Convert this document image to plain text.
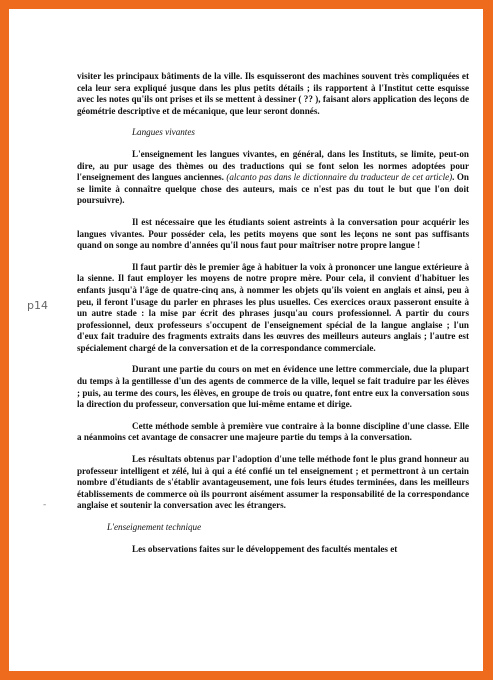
p14
-

visiter les principaux bâtiments de la ville. Ils esquisseront des machines souvent très compliquées et cela leur sera expliqué jusque dans les plus petits détails ; ils rapportent à l'Institut cette esquisse avec les notes qu'ils ont prises et ils se mettent à dessiner ( ?? ), faisant alors application des leçons de géométrie descriptive et de mécanique, que leur seront donnés.

Langues vivantes

L'enseignement les langues vivantes, en général, dans les Instituts, se limite, peut-on dire, au pur usage des thèmes ou des traductions qui se font selon les normes adoptées pour l'enseignement des langues anciennes. (alcanto pas dans le dictionnaire du traducteur de cet article). On se limite à connaître quelque chose des auteurs, mais ce n'est pas du tout le but que l'on doit poursuivre).

Il est nécessaire que les étudiants soient astreints à la conversation pour acquérir les langues vivantes. Pour posséder cela, les petits moyens que sont les leçons ne sont pas suffisants quand on songe au nombre d'années qu'il nous faut pour maîtriser notre propre langue !

Il faut partir dès le premier âge à habituer la voix à prononcer une langue extérieure à la sienne. Il faut employer les moyens de notre propre mère. Pour cela, il convient d'habituer les enfants jusqu'à l'âge de quatre-cinq ans, à nommer les objets qu'ils voient en anglais et ainsi, peu à peu, il feront l'usage du parler en phrases les plus usuelles. Ces exercices oraux passeront ensuite à un autre stade : la mise par écrit des phrases jusqu'au cours professionnel. A partir du cours professionnel, deux professeurs s'occupent de l'enseignement spécial de la langue anglaise ; l'un d'eux fait traduire des fragments extraits dans les œuvres des meilleurs auteurs anglais ; l'autre est spécialement chargé de la conversation et de la correspondance commerciale.

Durant une partie du cours on met en évidence une lettre commerciale, due la plupart du temps à la gentillesse d'un des agents de commerce de la ville, lequel se fait traduire par les élèves ; puis, au terme des cours, les élèves, en groupe de trois ou quatre, font entre eux la conversation sous la direction du professeur, conversation que lui-même entame et dirige.

Cette méthode semble à première vue contraire à la bonne discipline d'une classe. Elle a néanmoins cet avantage de consacrer une majeure partie du temps à la conversation.

Les résultats obtenus par l'adoption d'une telle méthode font le plus grand honneur au professeur intelligent et zélé, lui à qui a été confié un tel enseignement ; et permettront à un certain nombre d'étudiants de s'établir avantageusement, une fois leurs études terminées, dans les meilleurs établissements de commerce où ils pourront aisément assumer la responsabilité de la correspondance anglaise et soutenir la conversation avec les étrangers.

L'enseignement technique

Les observations faites sur le développement des facultés mentales et
